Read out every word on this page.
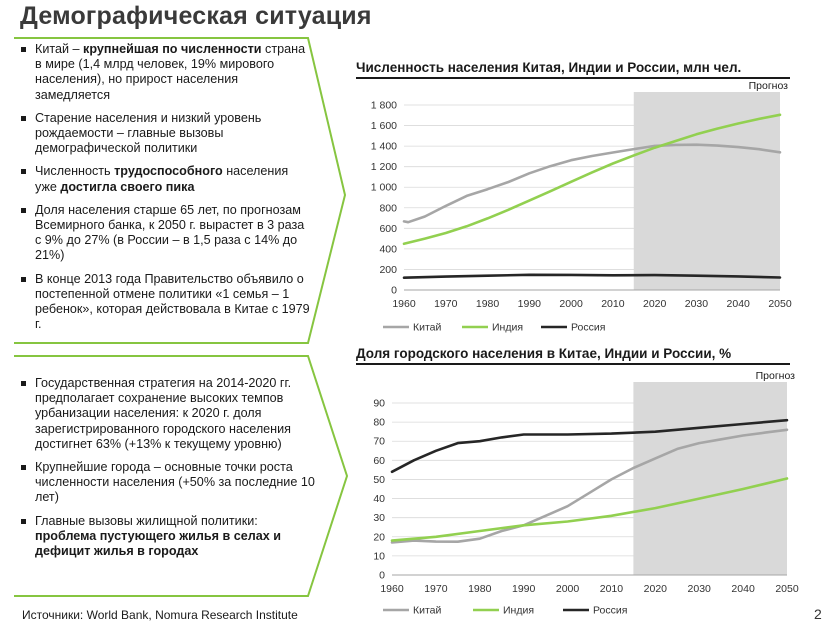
Демографическая ситуация
Китай – крупнейшая по численности страна в мире (1,4 млрд человек, 19% мирового населения), но прирост населения замедляется
Старение населения и низкий уровень рождаемости – главные вызовы демографической политики
Численность трудоспособного населения уже достигла своего пика
Доля населения старше 65 лет, по прогнозам Всемирного банка, к 2050 г. вырастет в 3 раза с 9% до 27% (в России – в 1,5 раза с 14% до 21%)
В конце 2013 года Правительство объявило о постепенной отмене политики «1 семья – 1 ребенок», которая действовала в Китае с 1979 г.
Государственная стратегия на 2014-2020 гг. предполагает сохранение высоких темпов урбанизации населения: к 2020 г. доля зарегистрированного городского населения достигнет 63% (+13% к текущему уровню)
Крупнейшие города – основные точки роста численности населения (+50% за последние 10 лет)
Главные вызовы жилищной политики: проблема пустующего жилья в селах и дефицит жилья в городах
Численность населения Китая, Индии и России, млн чел.
Доля городского населения в Китае, Индии и России, %
Прогноз
0
200
400
600
800
1 000
1 200
1 400
1 600
1 800
1960 1970 1980 1990 2000 2010 2020 2030 2040 2050
Китай	Индия	Россия
Прогноз
0
10
20
30
40
50
60
70
80
90
1960 1970 1980 1990 2000 2010 2020 2030 2040 2050
Китай	Индия	Россия
Источники: World Bank, Nomura Research Institute	2
